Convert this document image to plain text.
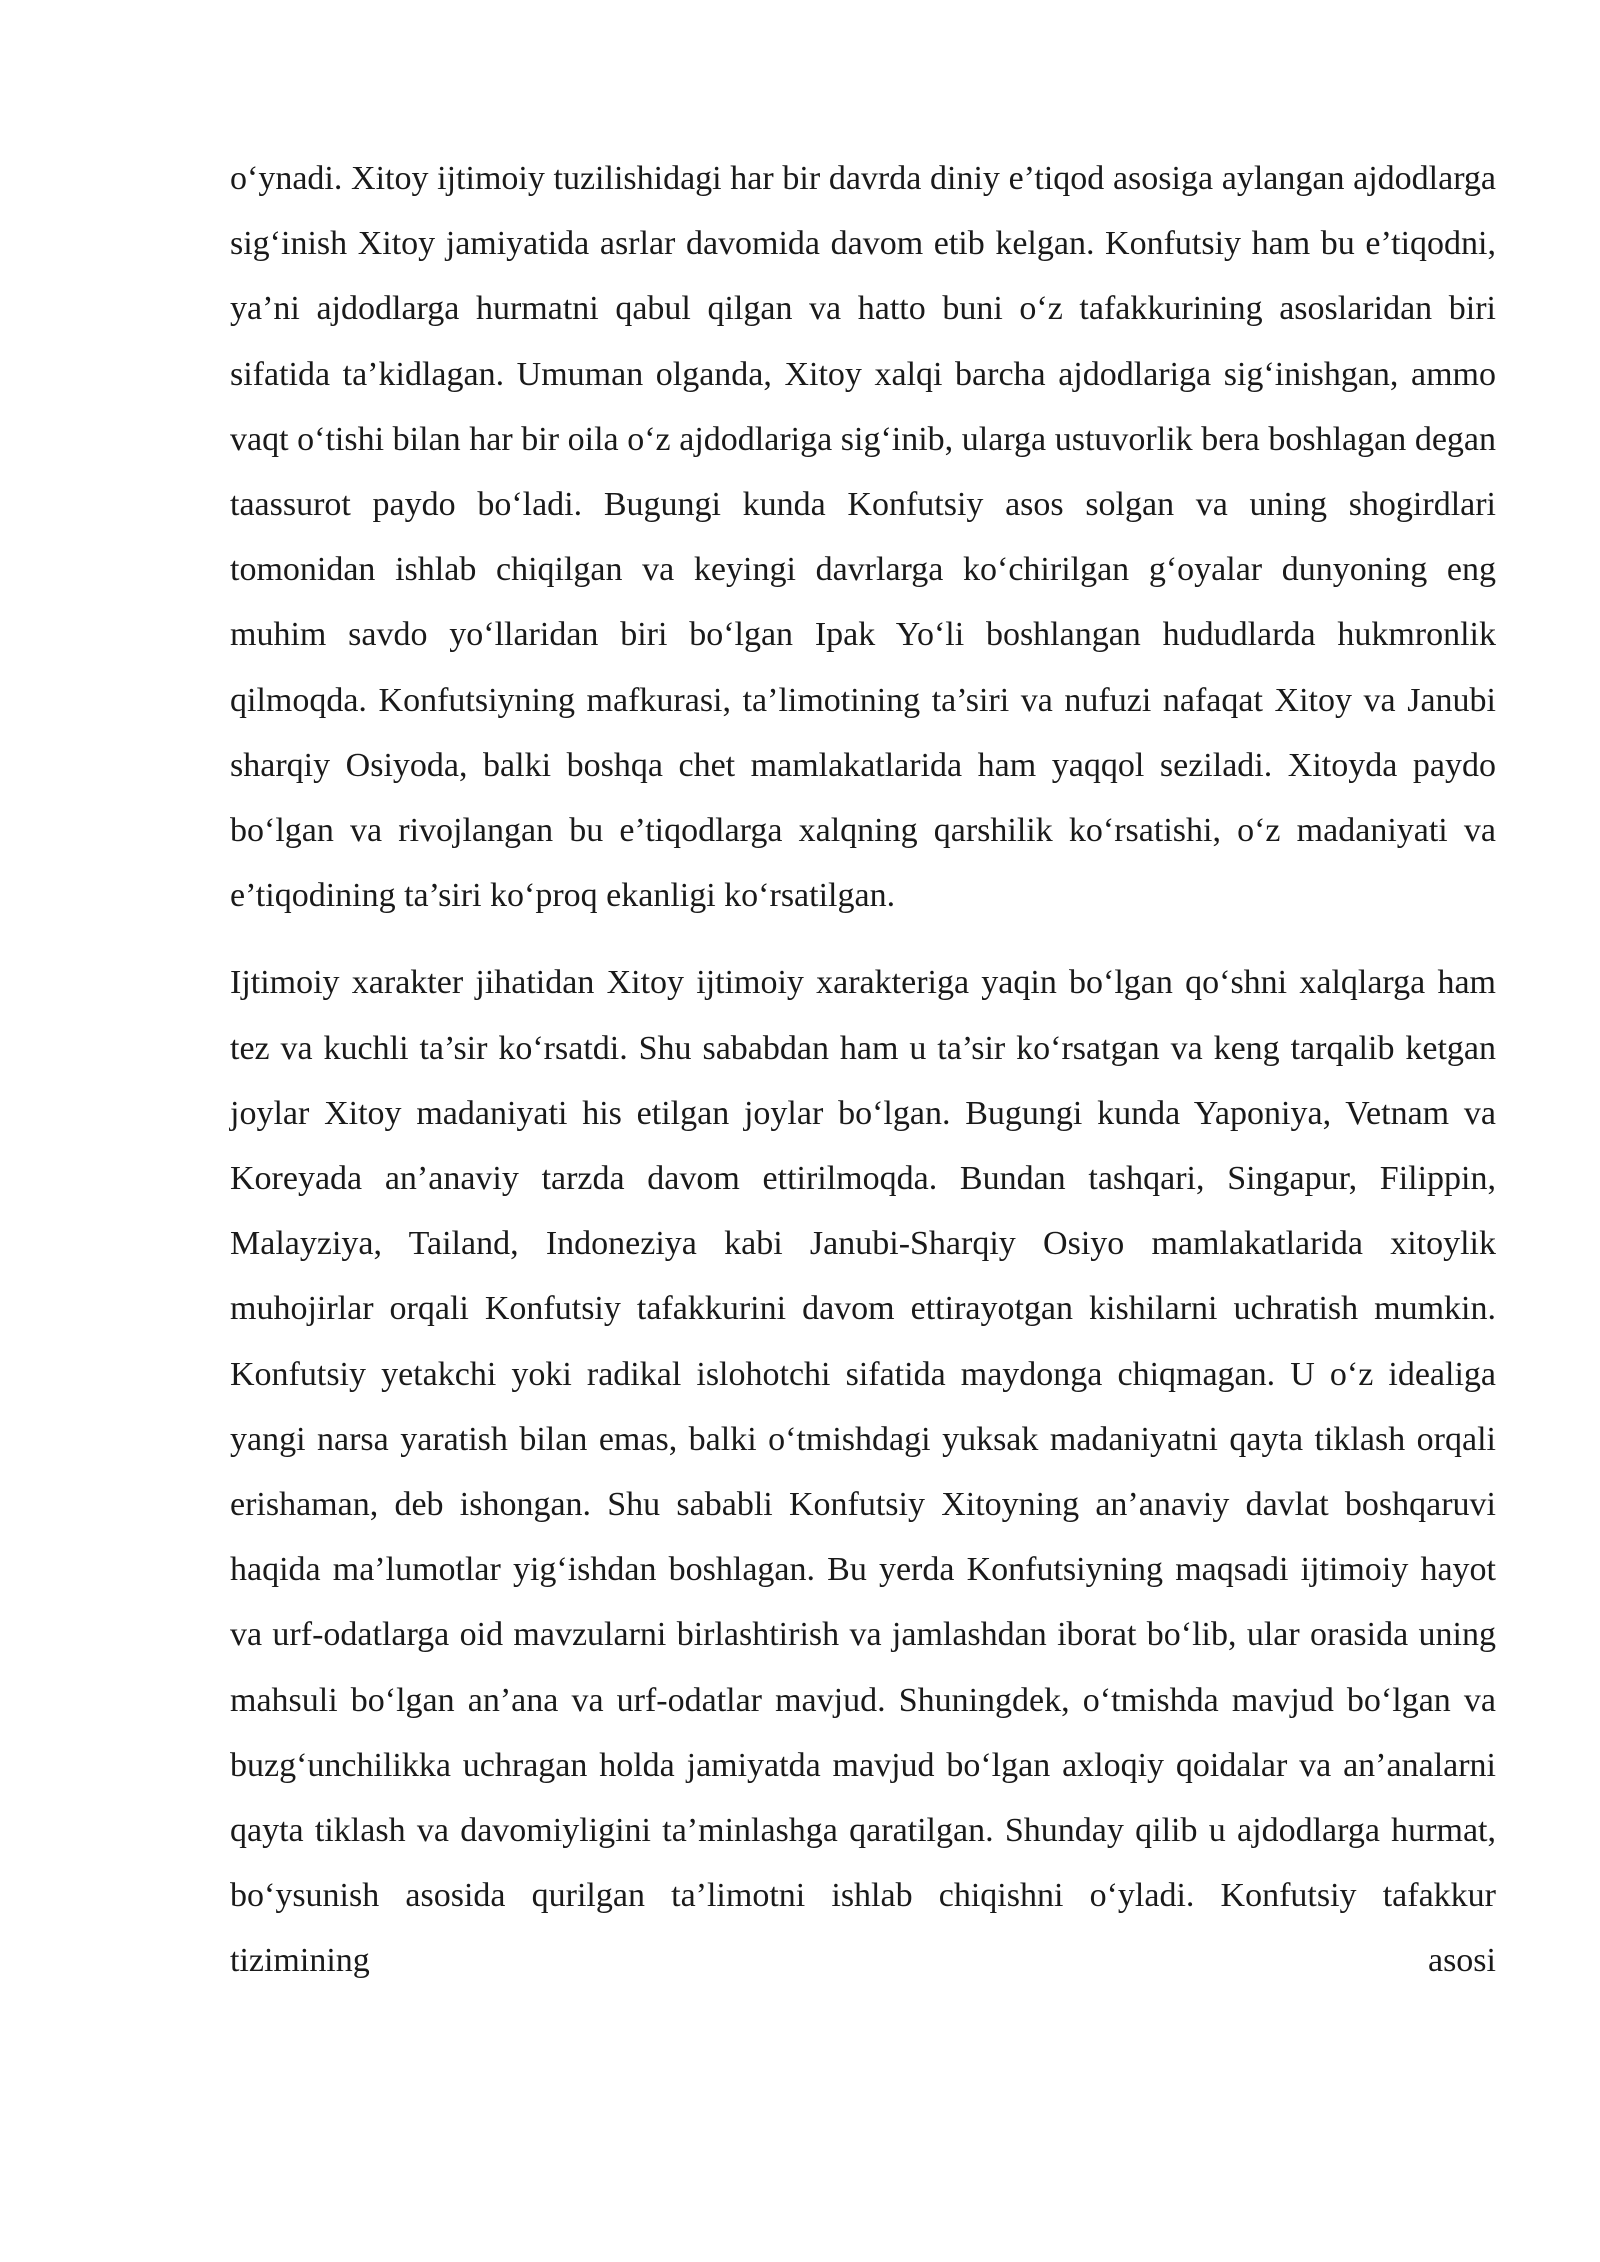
o‘ynadi. Xitoy ijtimoiy tuzilishidagi har bir davrda diniy e’tiqod asosiga aylangan ajdodlarga sig‘inish Xitoy jamiyatida asrlar davomida davom etib kelgan. Konfutsiy ham bu e’tiqodni, ya’ni ajdodlarga hurmatni qabul qilgan va hatto buni o‘z tafakkurining asoslaridan biri sifatida ta’kidlagan. Umuman olganda, Xitoy xalqi barcha ajdodlariga sig‘inishgan, ammo vaqt o‘tishi bilan har bir oila o‘z ajdodlariga sig‘inib, ularga ustuvorlik bera boshlagan degan taassurot paydo bo‘ladi. Bugungi kunda Konfutsiy asos solgan va uning shogirdlari tomonidan ishlab chiqilgan va keyingi davrlarga ko‘chirilgan g‘oyalar dunyoning eng muhim savdo yo‘llaridan biri bo‘lgan Ipak Yo‘li boshlangan hududlarda hukmronlik qilmoqda. Konfutsiyning mafkurasi, ta’limotining ta’siri va nufuzi nafaqat Xitoy va Janubi sharqiy Osiyoda, balki boshqa chet mamlakatlarida ham yaqqol seziladi. Xitoyda paydo bo‘lgan va rivojlangan bu e’tiqodlarga xalqning qarshilik ko‘rsatishi, o‘z madaniyati va e’tiqodining ta’siri ko‘proq ekanligi ko‘rsatilgan.

Ijtimoiy xarakter jihatidan Xitoy ijtimoiy xarakteriga yaqin bo‘lgan qo‘shni xalqlarga ham tez va kuchli ta’sir ko‘rsatdi. Shu sababdan ham u ta’sir ko‘rsatgan va keng tarqalib ketgan joylar Xitoy madaniyati his etilgan joylar bo‘lgan. Bugungi kunda Yaponiya, Vetnam va Koreyada an’anaviy tarzda davom ettirilmoqda. Bundan tashqari, Singapur, Filippin, Malayziya, Tailand, Indoneziya kabi Janubi-Sharqiy Osiyo mamlakatlarida xitoylik muhojirlar orqali Konfutsiy tafakkurini davom ettirayotgan kishilarni uchratish mumkin. Konfutsiy yetakchi yoki radikal islohotchi sifatida maydonga chiqmagan. U o‘z idealiga yangi narsa yaratish bilan emas, balki o‘tmishdagi yuksak madaniyatni qayta tiklash orqali erishaman, deb ishongan. Shu sababli Konfutsiy Xitoyning an’anaviy davlat boshqaruvi haqida ma’lumotlar yig‘ishdan boshlagan. Bu yerda Konfutsiyning maqsadi ijtimoiy hayot va urf-odatlarga oid mavzularni birlashtirish va jamlashdan iborat bo‘lib, ular orasida uning mahsuli bo‘lgan an’ana va urf-odatlar mavjud. Shuningdek, o‘tmishda mavjud bo‘lgan va buzg‘unchilikka uchragan holda jamiyatda mavjud bo‘lgan axloqiy qoidalar va an’analarni qayta tiklash va davomiyligini ta’minlashga qaratilgan. Shunday qilib u ajdodlarga hurmat, bo‘ysunish asosida qurilgan ta’limotni ishlab chiqishni o‘yladi. Konfutsiy tafakkur tizimining asosi
